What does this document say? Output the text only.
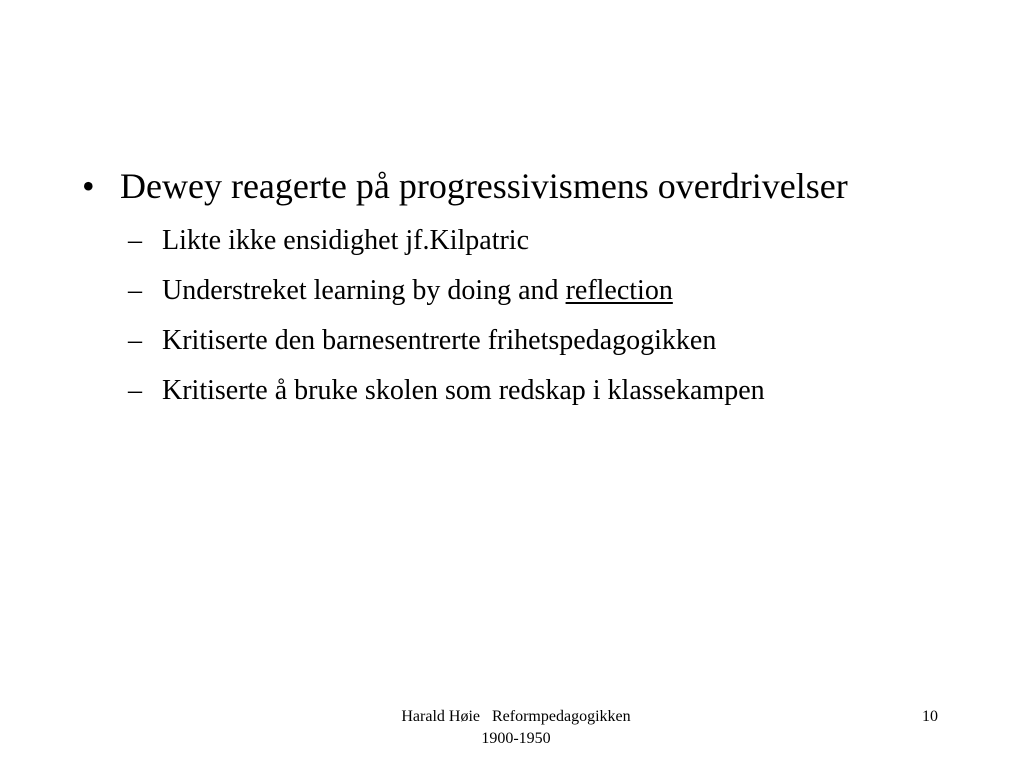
• Dewey reagerte på progressivismens overdrivelser
– Likte ikke ensidighet jf.Kilpatric
– Understreket learning by doing and reflection
– Kritiserte den barnesentrerte frihetspedagogikken
– Kritiserte å bruke skolen som redskap i klassekampen
Harald Høie   Reformpedagogikken
1900-1950
10
